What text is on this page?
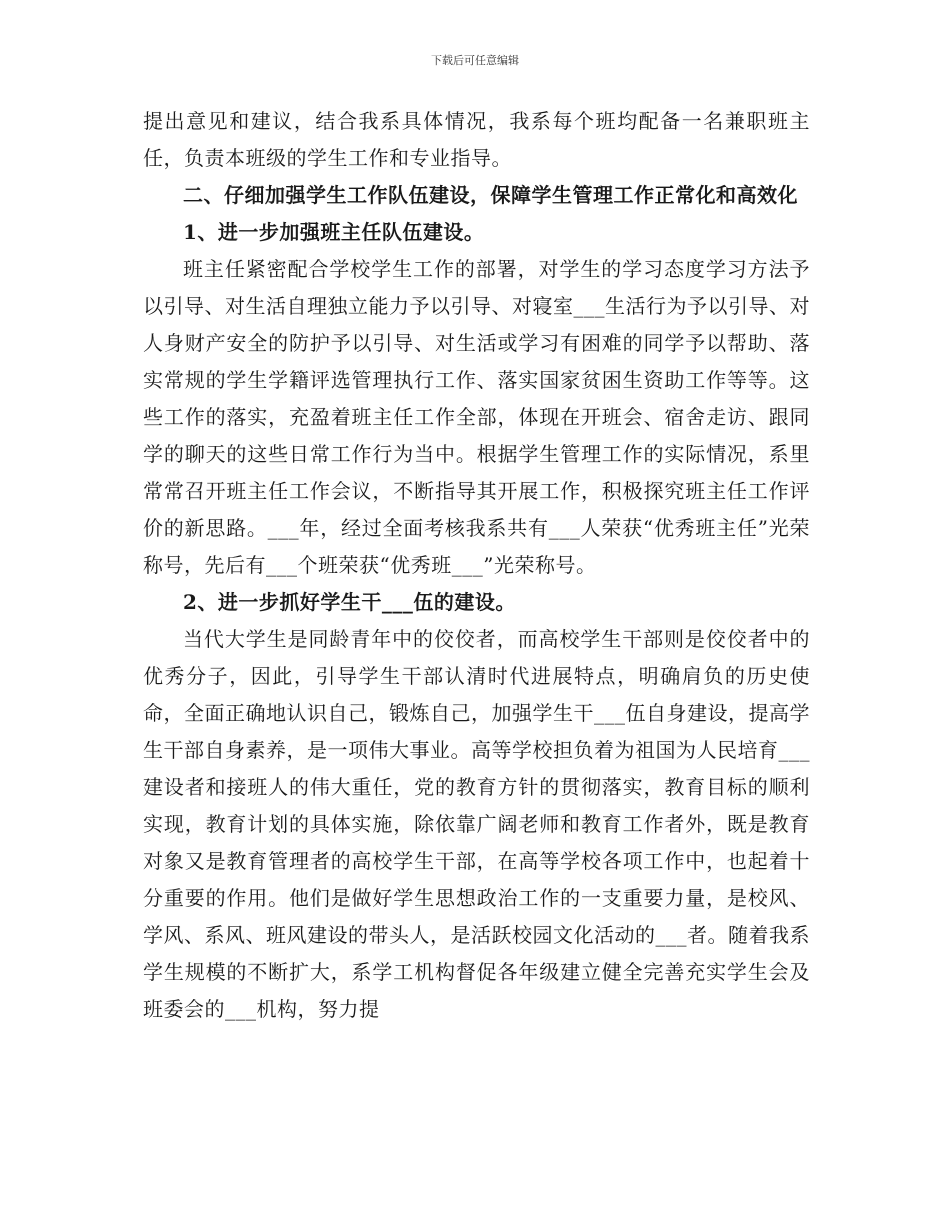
下载后可任意编辑

提出意见和建议，结合我系具体情况，我系每个班均配备一名兼职班主任，负责本班级的学生工作和专业指导。

二、仔细加强学生工作队伍建设，保障学生管理工作正常化和高效化

1、进一步加强班主任队伍建设。

班主任紧密配合学校学生工作的部署，对学生的学习态度学习方法予以引导、对生活自理独立能力予以引导、对寝室___生活行为予以引导、对人身财产安全的防护予以引导、对生活或学习有困难的同学予以帮助、落实常规的学生学籍评选管理执行工作、落实国家贫困生资助工作等等。这些工作的落实，充盈着班主任工作全部，体现在开班会、宿舍走访、跟同学的聊天的这些日常工作行为当中。根据学生管理工作的实际情况，系里常常召开班主任工作会议，不断指导其开展工作，积极探究班主任工作评价的新思路。___年，经过全面考核我系共有___人荣获“优秀班主任”光荣称号，先后有___个班荣获“优秀班___”光荣称号。

2、进一步抓好学生干___伍的建设。

当代大学生是同龄青年中的佼佼者，而高校学生干部则是佼佼者中的优秀分子，因此，引导学生干部认清时代进展特点，明确肩负的历史使命，全面正确地认识自己，锻炼自己，加强学生干___伍自身建设，提高学生干部自身素养，是一项伟大事业。高等学校担负着为祖国为人民培育___建设者和接班人的伟大重任，党的教育方针的贯彻落实，教育目标的顺利实现，教育计划的具体实施，除依靠广阔老师和教育工作者外，既是教育对象又是教育管理者的高校学生干部，在高等学校各项工作中，也起着十分重要的作用。他们是做好学生思想政治工作的一支重要力量，是校风、学风、系风、班风建设的带头人，是活跃校园文化活动的___者。随着我系学生规模的不断扩大，系学工机构督促各年级建立健全完善充实学生会及班委会的___机构，努力提
